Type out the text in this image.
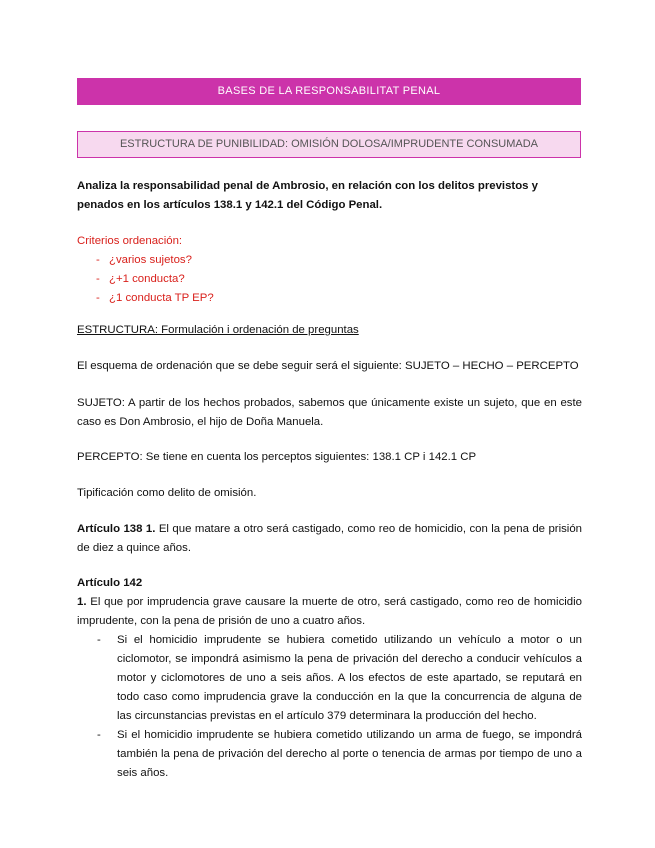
BASES DE LA RESPONSABILITAT PENAL
ESTRUCTURA DE PUNIBILIDAD: OMISIÓN DOLOSA/IMPRUDENTE CONSUMADA
Analiza la responsabilidad penal de Ambrosio, en relación con los delitos previstos y penados en los artículos 138.1 y 142.1 del Código Penal.
Criterios ordenación:
- ¿varios sujetos?
- ¿+1 conducta?
- ¿1 conducta TP EP?
ESTRUCTURA: Formulación i ordenación de preguntas
El esquema de ordenación que se debe seguir será el siguiente: SUJETO – HECHO – PERCEPTO
SUJETO: A partir de los hechos probados, sabemos que únicamente existe un sujeto, que en este caso es Don Ambrosio, el hijo de Doña Manuela.
PERCEPTO: Se tiene en cuenta los perceptos siguientes: 138.1 CP i 142.1 CP
Tipificación como delito de omisión.
Artículo 138 1. El que matare a otro será castigado, como reo de homicidio, con la pena de prisión de diez a quince años.
Artículo 142
1. El que por imprudencia grave causare la muerte de otro, será castigado, como reo de homicidio imprudente, con la pena de prisión de uno a cuatro años.
- Si el homicidio imprudente se hubiera cometido utilizando un vehículo a motor o un ciclomotor, se impondrá asimismo la pena de privación del derecho a conducir vehículos a motor y ciclomotores de uno a seis años. A los efectos de este apartado, se reputará en todo caso como imprudencia grave la conducción en la que la concurrencia de alguna de las circunstancias previstas en el artículo 379 determinara la producción del hecho.
- Si el homicidio imprudente se hubiera cometido utilizando un arma de fuego, se impondrá también la pena de privación del derecho al porte o tenencia de armas por tiempo de uno a seis años.
